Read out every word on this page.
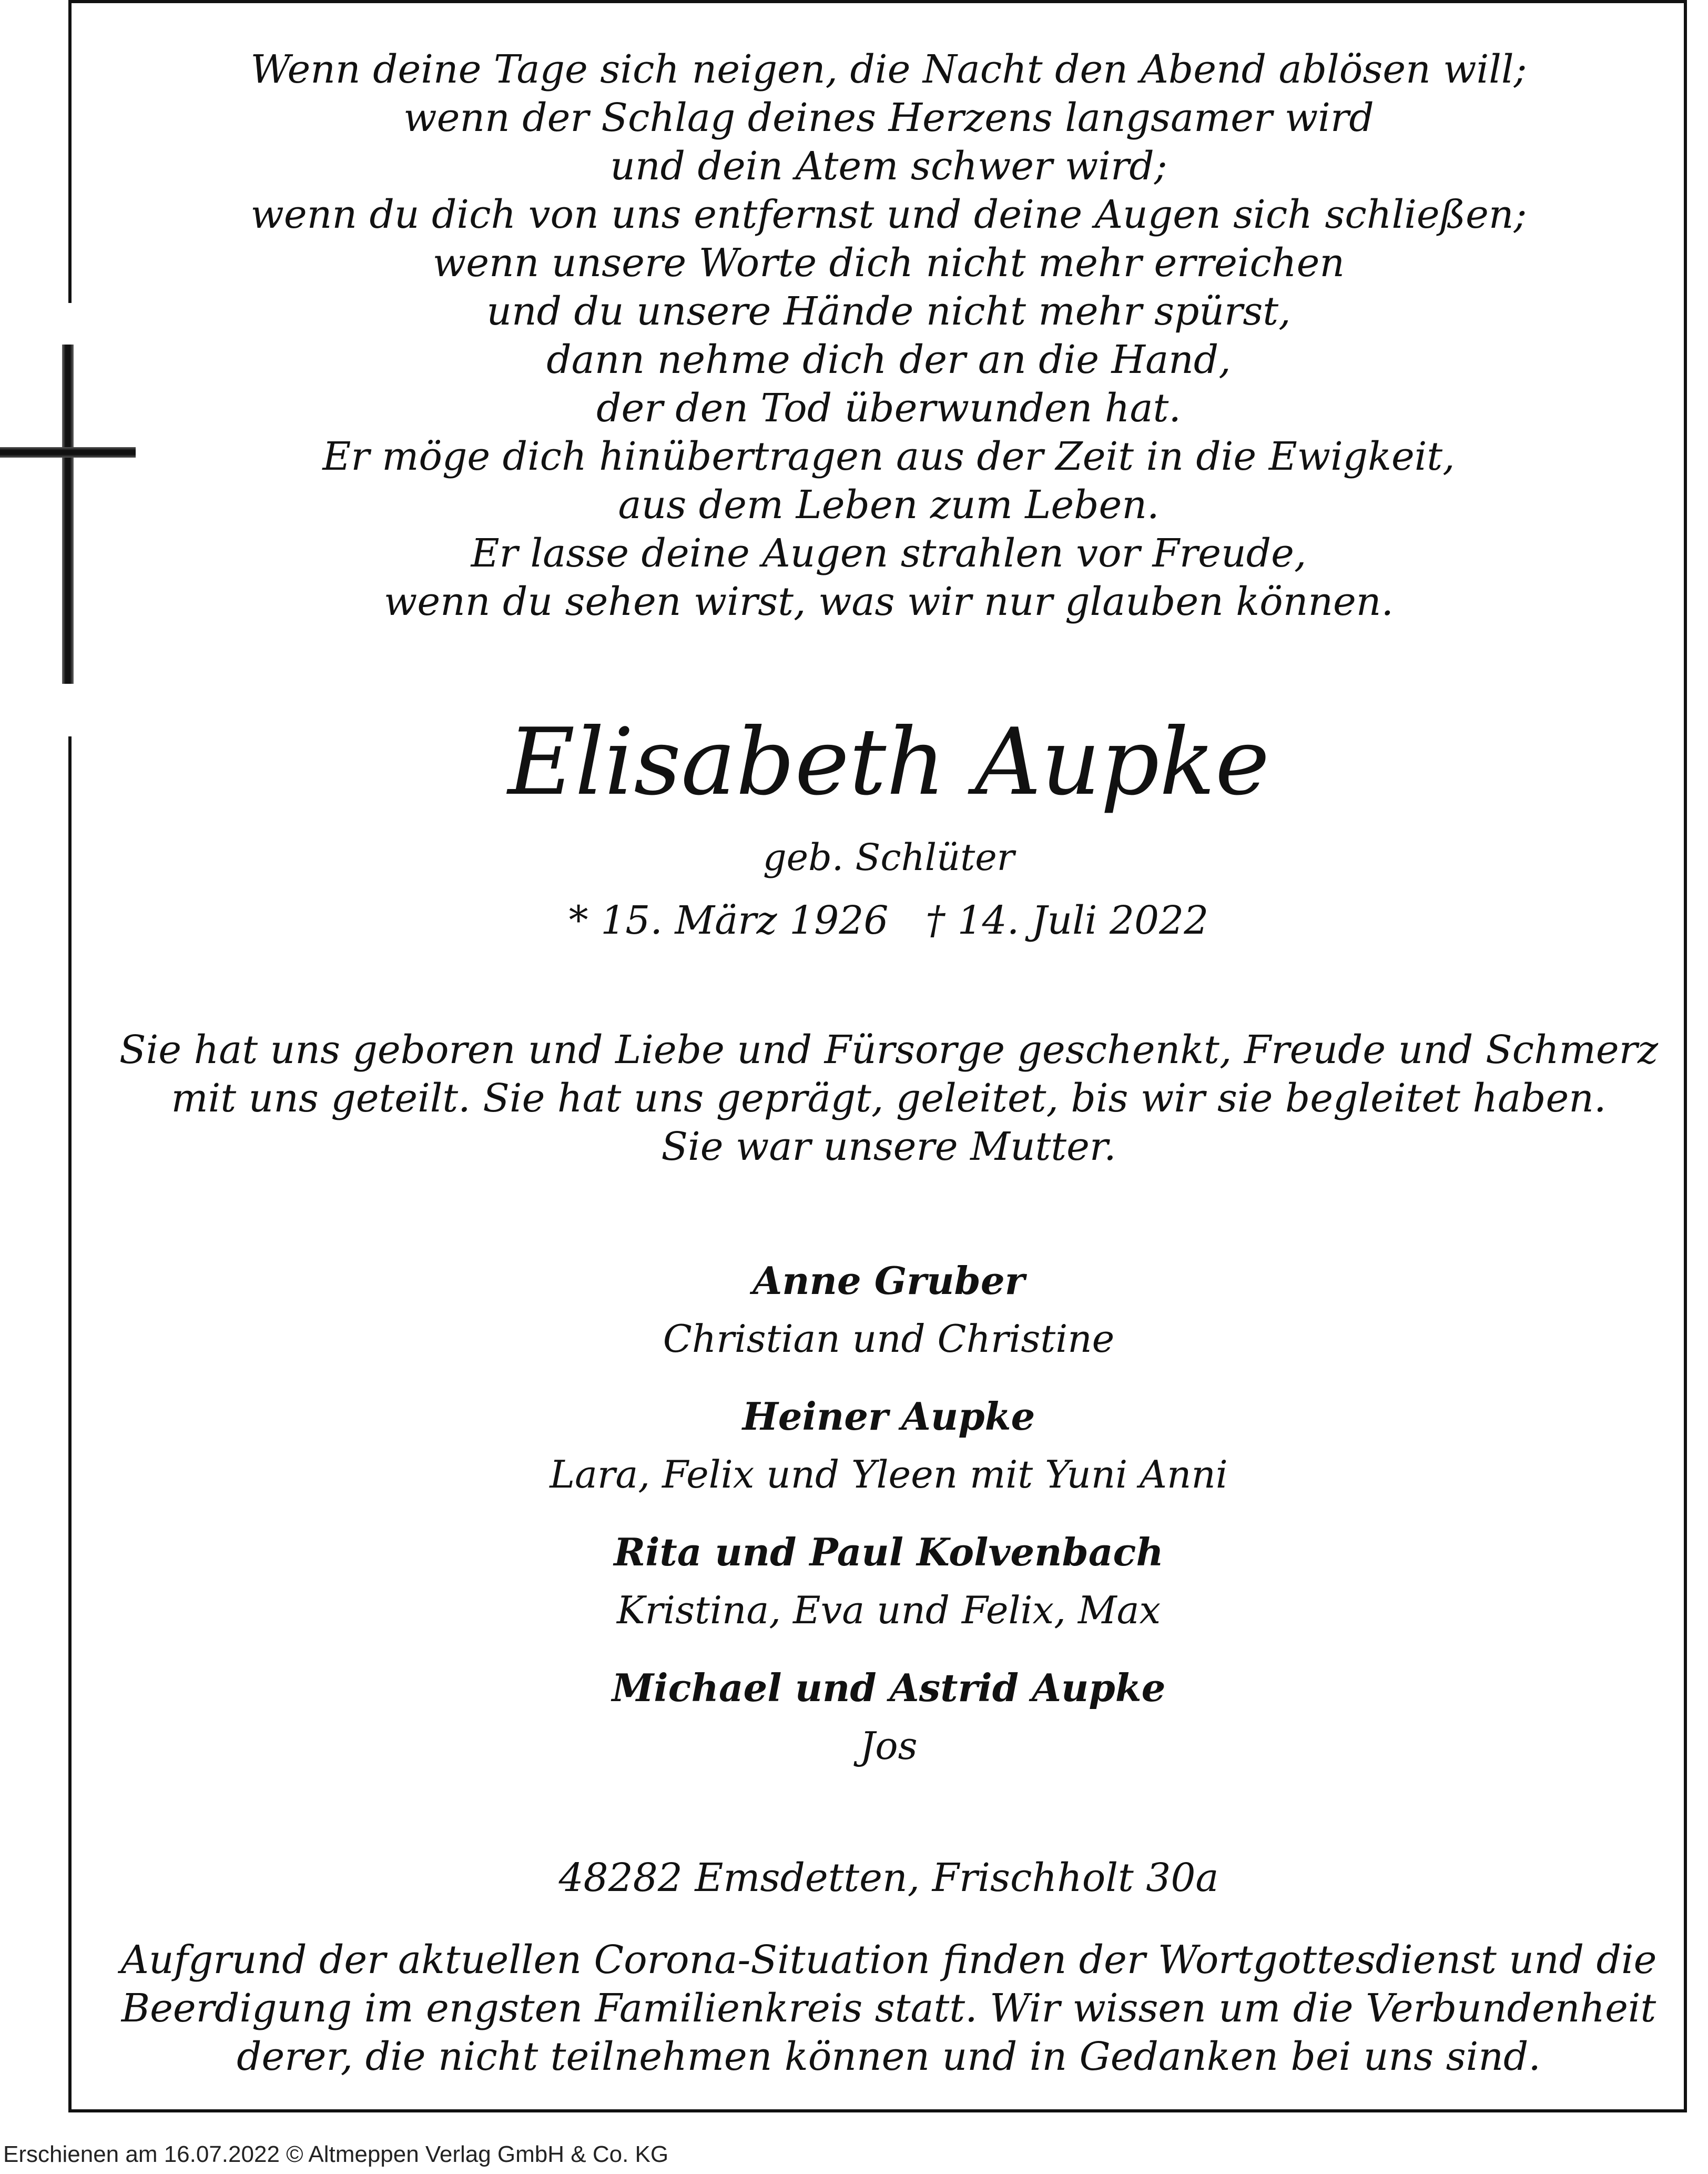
Wenn deine Tage sich neigen, die Nacht den Abend ablösen will;
wenn der Schlag deines Herzens langsamer wird
und dein Atem schwer wird;
wenn du dich von uns entfernst und deine Augen sich schließen;
wenn unsere Worte dich nicht mehr erreichen
und du unsere Hände nicht mehr spürst,
dann nehme dich der an die Hand,
der den Tod überwunden hat.
Er möge dich hinübertragen aus der Zeit in die Ewigkeit,
aus dem Leben zum Leben.
Er lasse deine Augen strahlen vor Freude,
wenn du sehen wirst, was wir nur glauben können.
Elisabeth Aupke
geb. Schlüter
* 15. März 1926   † 14. Juli 2022
Sie hat uns geboren und Liebe und Fürsorge geschenkt, Freude und Schmerz
mit uns geteilt. Sie hat uns geprägt, geleitet, bis wir sie begleitet haben.
Sie war unsere Mutter.
Anne Gruber
Christian und Christine
Heiner Aupke
Lara, Felix und Yleen mit Yuni Anni
Rita und Paul Kolvenbach
Kristina, Eva und Felix, Max
Michael und Astrid Aupke
Jos
48282 Emsdetten, Frischholt 30a
Aufgrund der aktuellen Corona-Situation finden der Wortgottesdienst und die
Beerdigung im engsten Familienkreis statt. Wir wissen um die Verbundenheit
derer, die nicht teilnehmen können und in Gedanken bei uns sind.
Erschienen am 16.07.2022 © Altmeppen Verlag GmbH & Co. KG
